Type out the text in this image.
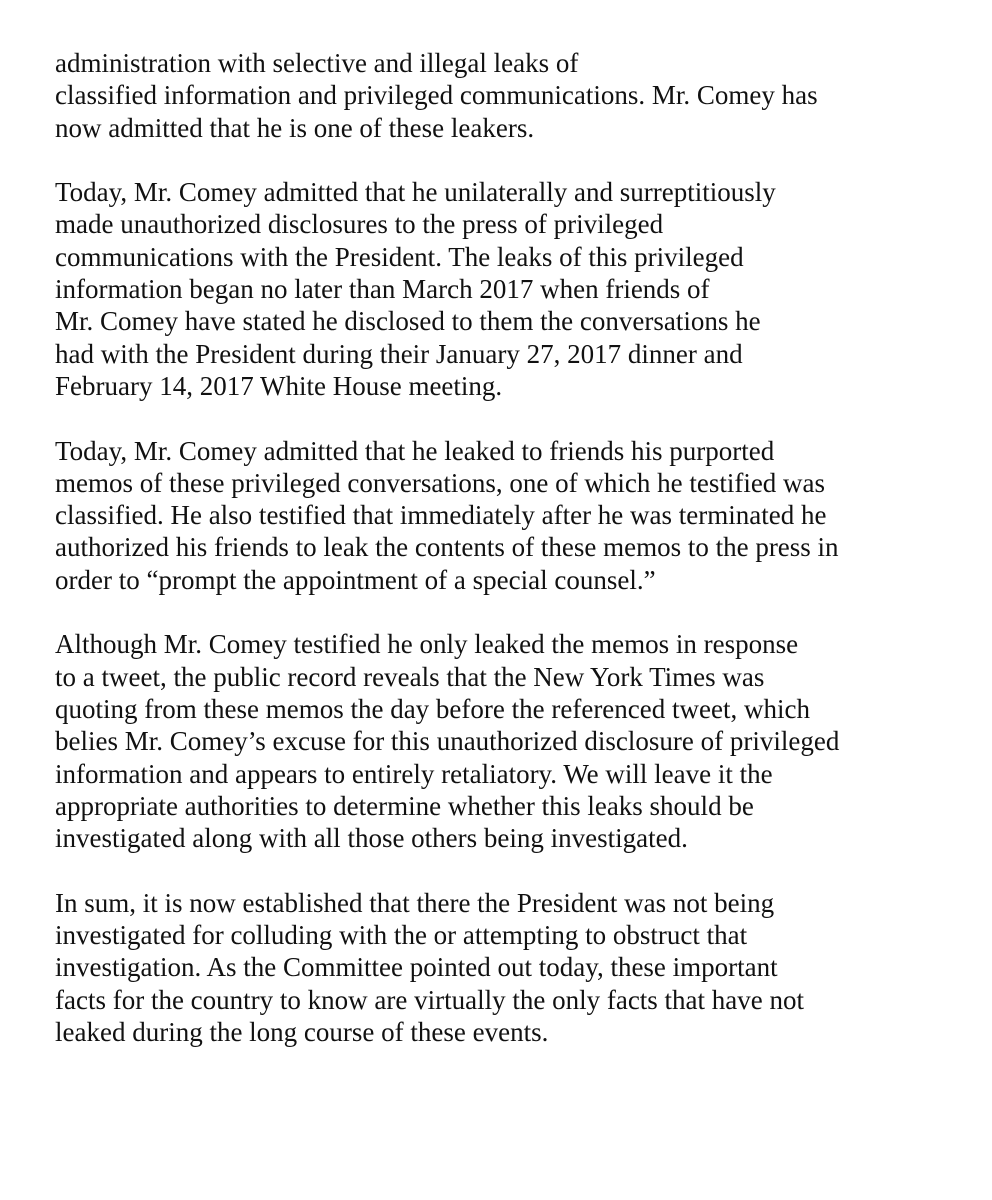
administration with selective and illegal leaks of
classified information and privileged communications. Mr. Comey has
now admitted that he is one of these leakers.

Today, Mr. Comey admitted that he unilaterally and surreptitiously
made unauthorized disclosures to the press of privileged
communications with the President. The leaks of this privileged
information began no later than March 2017 when friends of
Mr. Comey have stated he disclosed to them the conversations he
had with the President during their January 27, 2017 dinner and
February 14, 2017 White House meeting.

Today, Mr. Comey admitted that he leaked to friends his purported
memos of these privileged conversations, one of which he testified was
classified. He also testified that immediately after he was terminated he
authorized his friends to leak the contents of these memos to the press in
order to “prompt the appointment of a special counsel.”

Although Mr. Comey testified he only leaked the memos in response
to a tweet, the public record reveals that the New York Times was
quoting from these memos the day before the referenced tweet, which
belies Mr. Comey’s excuse for this unauthorized disclosure of privileged
information and appears to entirely retaliatory. We will leave it the
appropriate authorities to determine whether this leaks should be
investigated along with all those others being investigated.

In sum, it is now established that there the President was not being
investigated for colluding with the or attempting to obstruct that
investigation. As the Committee pointed out today, these important
facts for the country to know are virtually the only facts that have not
leaked during the long course of these events.
